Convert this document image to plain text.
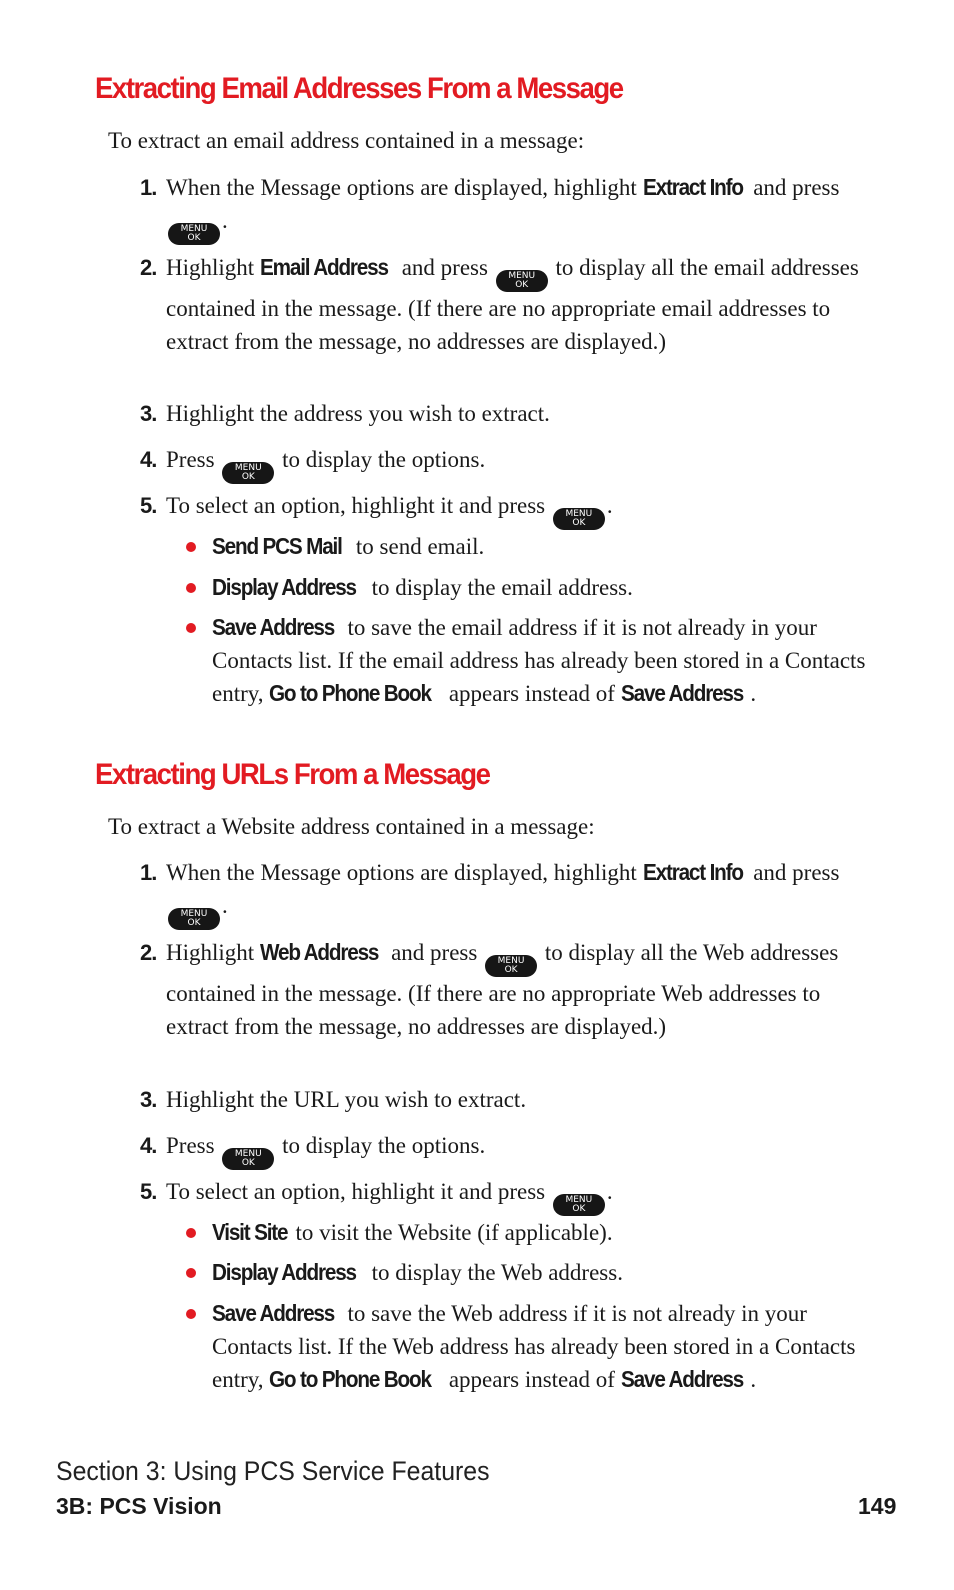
Extracting Email Addresses From a Message

To extract an email address contained in a message:

1. When the Message options are displayed, highlight Extract Info and press
MENU
OK
.
2. Highlight Email Address and press MENU
OK
to display all the email addresses contained in the message. (If there are no appropriate email addresses to extract from the message, no addresses are displayed.)
3. Highlight the address you wish to extract.
4. Press MENU
OK
to display the options.
5. To select an option, highlight it and press MENU
OK
.
Send PCS Mail to send email.
Display Address to display the email address.
Save Address to save the email address if it is not already in your Contacts list. If the email address has already been stored in a Contacts entry, Go to Phone Book appears instead of Save Address .
Extracting URLs From a Message

To extract a Website address contained in a message:

1. When the Message options are displayed, highlight Extract Info and press
MENU
OK
.
2. Highlight Web Address and press MENU
OK
to display all the Web addresses contained in the message. (If there are no appropriate Web addresses to extract from the message, no addresses are displayed.)
3. Highlight the URL you wish to extract.
4. Press MENU
OK
to display the options.
5. To select an option, highlight it and press MENU
OK
.
Visit Site to visit the Website (if applicable).
Display Address to display the Web address.
Save Address to save the Web address if it is not already in your Contacts list. If the Web address has already been stored in a Contacts entry, Go to Phone Book appears instead of Save Address .

Section 3: Using PCS Service Features

3B: PCS Vision	149
